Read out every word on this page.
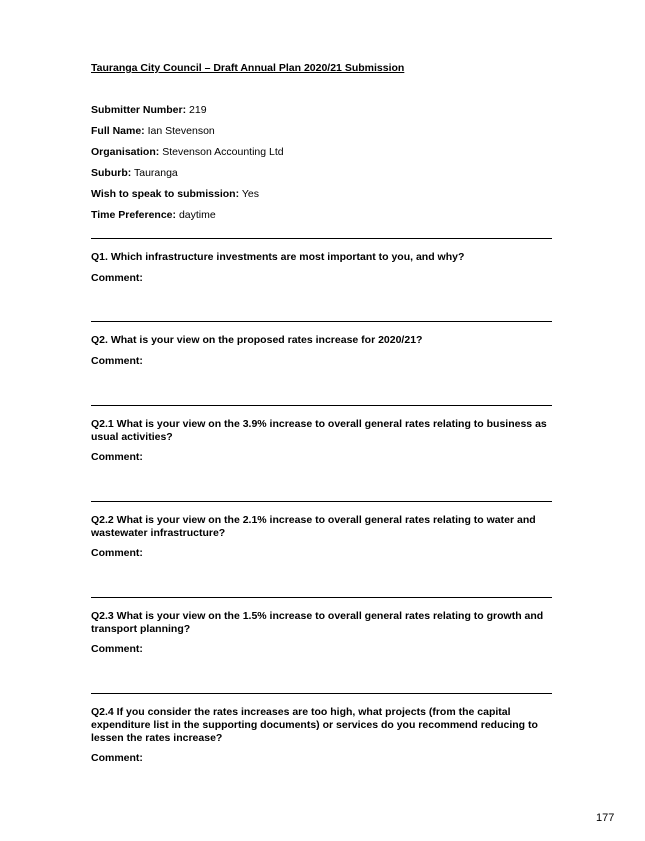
Tauranga City Council – Draft Annual Plan 2020/21 Submission
Submitter Number: 219
Full Name: Ian Stevenson
Organisation: Stevenson Accounting Ltd
Suburb: Tauranga
Wish to speak to submission: Yes
Time Preference: daytime
Q1. Which infrastructure investments are most important to you, and why?
Comment:
Q2. What is your view on the proposed rates increase for 2020/21?
Comment:
Q2.1 What is your view on the 3.9% increase to overall general rates relating to business as usual activities?
Comment:
Q2.2 What is your view on the 2.1% increase to overall general rates relating to water and wastewater infrastructure?
Comment:
Q2.3 What is your view on the 1.5% increase to overall general rates relating to growth and transport planning?
Comment:
Q2.4 If you consider the rates increases are too high, what projects (from the capital expenditure list in the supporting documents) or services do you recommend reducing to lessen the rates increase?
Comment:
177
